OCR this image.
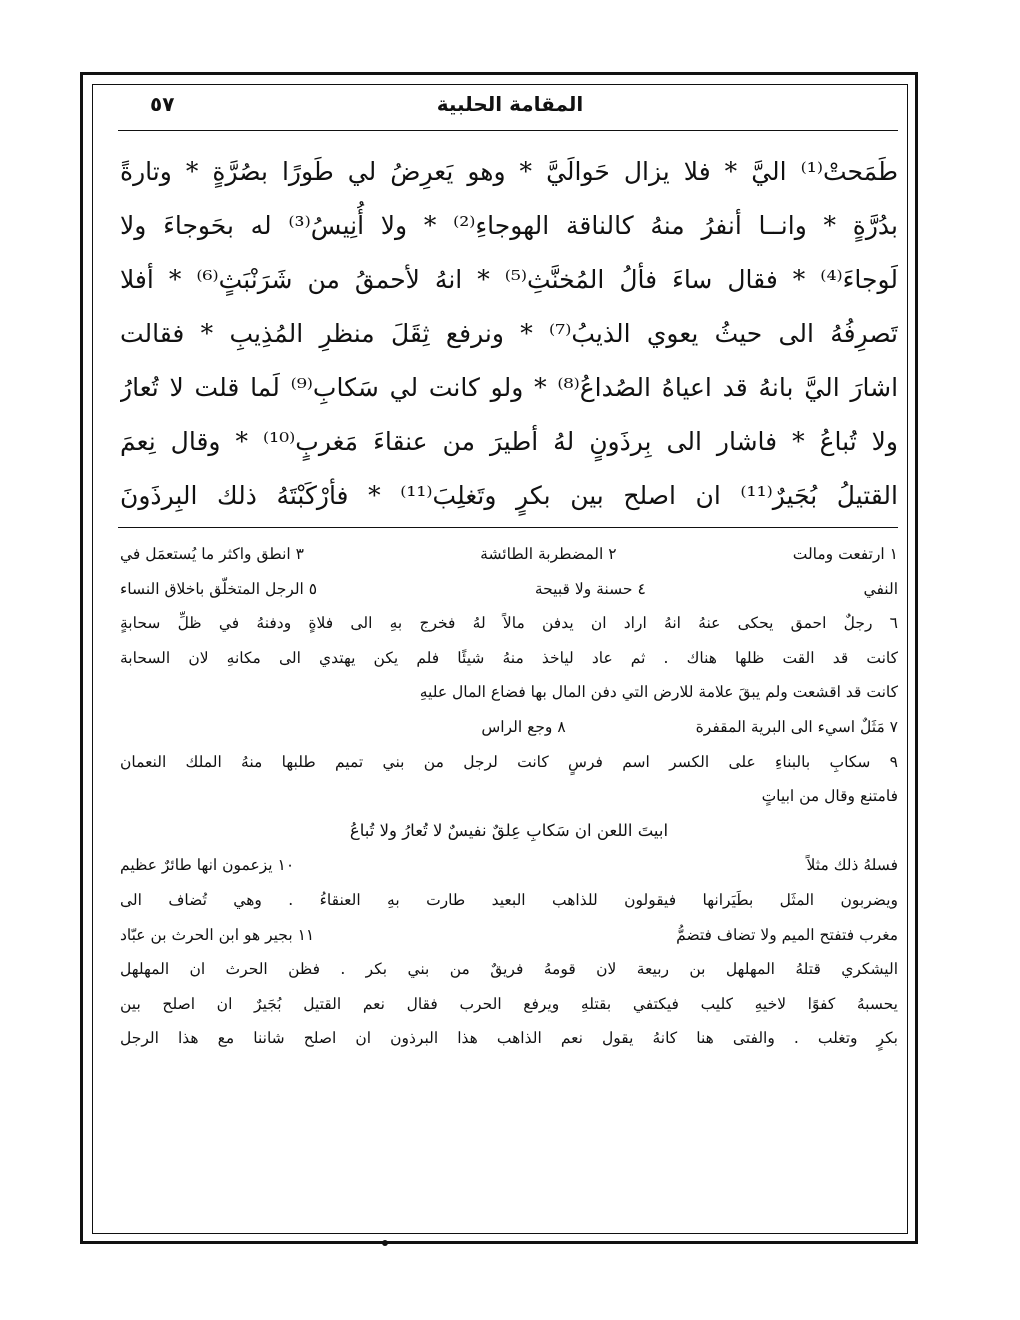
المقامة الحلبية
٥٧
طَمَحتْ⁽¹⁾ اليَّ * فلا يزال حَوالَيَّ * وهو يَعرِضُ لي طَورًا بصُرَّةٍ * وتارةً
بدُرَّةٍ * وانــا أنفرُ منهُ كالناقة الهوجاءِ⁽²⁾ * ولا أُنِيسُ⁽³⁾ له بحَوجاءَ ولا
لَوجاءَ⁽⁴⁾ * فقال ساءَ فألُ المُخنَّثِ⁽⁵⁾ * انهُ لأحمقُ من شَرَنْبَثٍ⁽⁶⁾ * أفلا
تَصرِفُهُ الى حيثُ يعوي الذيبُ⁽⁷⁾ * ونرفع ثِقَلَ منظرِ المُذِيبِ * فقالت
اشارَ اليَّ بانهُ قد اعياهُ الصُداعُ⁽⁸⁾ * ولو كانت لي سَكابِ⁽⁹⁾ لَما قلت لا تُعارُ
ولا تُباعُ * فاشار الى بِرذَونٍ لهُ أطيرَ من عنقاءَ مَغربٍ⁽¹⁰⁾ * وقال نِعمَ
القتيلُ بُجَيرٌ⁽¹¹⁾ ان اصلح بين بكرٍ وتَغلِبَ⁽¹¹⁾ * فأرْكَبْتَهُ ذلك البِرذَونَ
١ ارتفعت ومالت
٢ المضطربة الطائشة
٣ انطق واكثر ما يُستعمَل في
النفي
٤ حسنة ولا قبيحة
٥ الرجل المتخلّق باخلاق النساء
٦ رجلٌ احمق يحكى عنهُ انهُ اراد ان يدفن مالاً لهُ فخرج بهِ الى فلاةٍ ودفنهُ في ظلِّ سحابةٍ
كانت قد القت ظلها هناك . ثم عاد لياخذ منهُ شيئًا فلم يكن يهتدي الى مكانهِ لان السحابة
كانت قد اقشعت ولم يبقَ علامة للارض التي دفن المال بها فضاع المال عليهِ
٧ مَثَلٌ اسيء الى البرية المقفرة
٨ وجع الراس
٩ سكابِ بالبناءِ على الكسر اسم فرسٍ كانت لرجل من بني تميم طلبها منهُ الملك النعمان
فامتنع وقال من ابياتٍ
ابيتَ اللعن ان سَكابِ عِلقٌ نفيسٌ لا تُعارُ ولا تُباعُ
فسلهُ ذلك مثلاً
١٠ يزعمون انها طائرٌ عظيم
ويضربون المثَل بطَيَرانها فيقولون للذاهب البعيد طارت بهِ العنقاءُ . وهي تُضاف الى
مغرب فتفتح الميم ولا تضاف فتضمُّ
١١ بجير هو ابن الحرث بن عبّاد
اليشكري قتلهُ المهلهل بن ربيعة لان قومهُ فريقٌ من بني بكر . فظن الحرث ان المهلهل
يحسبهُ كفوًا لاخيهِ كليب فيكتفي بقتلهِ ويرفع الحرب فقال نعم القتيل بُجَيرٌ ان اصلح بين
بكرٍ وتغلب . والفتى هنا كانهُ يقول نعم الذاهب هذا البرذون ان اصلح شاننا مع هذا الرجل
